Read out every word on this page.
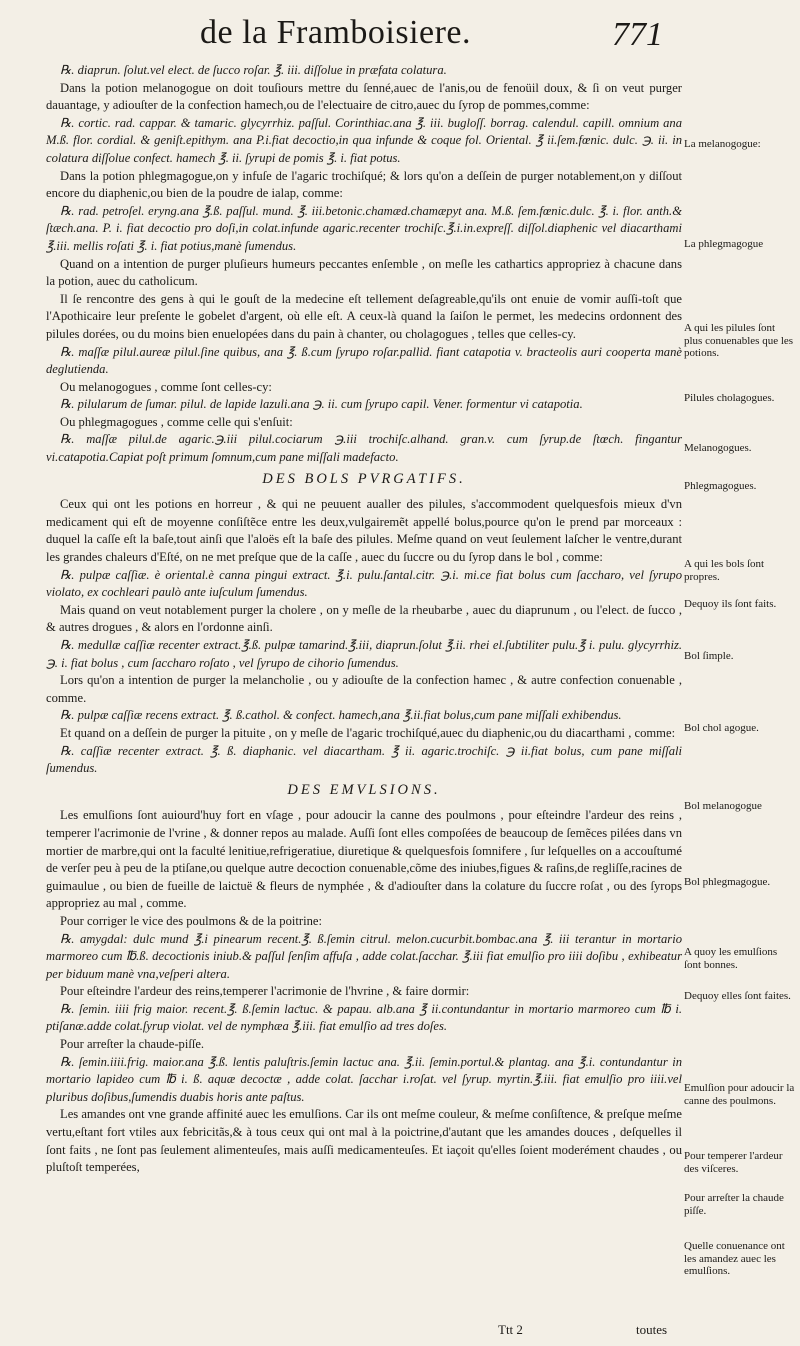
de la Framboisiere.	771

℞. diaprun. ſolut.vel elect. de ſucco roſar. ℥. iii. diſſolue in præfata colatura.

Dans la potion melanogogue on doit touſiours mettre du ſenné,auec de l'anis,ou de fenoüil doux, & ſi on veut purger dauantage, y adiouſter de la confection hamech,ou de l'electuaire de citro,auec du ſyrop de pommes,comme:

℞. cortic. rad. cappar. & tamaric. glycyrrhiz. paſſul. Corinthiac.ana ℥. iii. bugloſſ. borrag. calendul. capill. omnium ana M.ß. flor. cordial. & geniſt.epithym. ana P.i.fiat decoctio,in qua infunde & coque fol. Oriental. ℥ ii.ſem.fœnic. dulc. ℈. ii. in colatura diſſolue confect. hamech ℥. ii. ſyrupi de pomis ℥. i. fiat potus.

Dans la potion phlegmagogue,on y infuſe de l'agaric trochiſqué; & lors qu'on a deſſein de purger notablement,on y diſſout encore du diaphenic,ou bien de la poudre de ialap, comme:

℞. rad. petroſel. eryng.ana ℥.ß. paſſul. mund. ℥. iii.betonic.chamæd.chamæpyt ana. M.ß. ſem.fœnic.dulc. ℥. i. flor. anth.& ſtæch.ana. P. i. fiat decoctio pro doſi,in colat.infunde agaric.recenter trochiſc.℥.i.in.expreſſ. diſſol.diaphenic vel diacarthami ℥.iii. mellis roſati ℥. i. fiat potius,manè ſumendus.

Quand on a intention de purger pluſieurs humeurs peccantes enſemble , on meſle les cathartics appropriez à chacune dans la potion, auec du catholicum.

Il ſe rencontre des gens à qui le gouſt de la medecine eſt tellement deſagreable,qu'ils ont enuie de vomir auſſi-toſt que l'Apothicaire leur preſente le gobelet d'argent, où elle eſt. A ceux-là quand la ſaiſon le permet, les medecins ordonnent des pilules dorées, ou du moins bien enuelopées dans du pain à chanter, ou cholagogues , telles que celles-cy.

℞. maſſæ pilul.aureæ pilul.ſine quibus, ana ℥. ß.cum ſyrupo roſar.pallid. fiant catapotia v. bracteolis auri cooperta manè deglutienda.

Ou melanogogues , comme ſont celles-cy:

℞. pilularum de ſumar. pilul. de lapide lazuli.ana ℈. ii. cum ſyrupo capil. Vener. formentur vi catapotia.

Ou phlegmagogues , comme celle qui s'enſuit:

℞. maſſæ pilul.de agaric.℈.iii pilul.cociarum ℈.iii trochiſc.alhand. gran.v. cum ſyrup.de ſtœch. fingantur vi.catapotia.Capiat poſt primum ſomnum,cum pane miſſali madefacto.

DES BOLS PVRGATIFS.

Ceux qui ont les potions en horreur , & qui ne peuuent aualler des pilules, s'accommodent quelquesfois mieux d'vn medicament qui eſt de moyenne conſiſtẽce entre les deux,vulgairemẽt appellé bolus,pource qu'on le prend par morceaux : duquel la caſſe eſt la baſe,tout ainſi que l'aloës eſt la baſe des pilules. Meſme quand on veut ſeulement laſcher le ventre,durant les grandes chaleurs d'Eſté, on ne met preſque que de la caſſe , auec du ſuccre ou du ſyrop dans le bol , comme:

℞. pulpæ caſſiæ. è oriental.è canna pingui extract. ℥.i. pulu.ſantal.citr. ℈.i. mi.ce fiat bolus cum ſaccharo, vel ſyrupo violato, ex cochleari paulò ante iuſculum ſumendus.

Mais quand on veut notablement purger la cholere , on y meſle de la rheubarbe , auec du diaprunum , ou l'elect. de ſucco , & autres drogues , & alors en l'ordonne ainſi.

℞. medullæ caſſiæ recenter extract.℥.ß. pulpæ tamarind.℥.iii, diaprun.ſolut ℥.ii. rhei el.ſubtiliter pulu.℥ i. pulu. glycyrrhiz. ℈. i. fiat bolus , cum ſaccharo roſato , vel ſyrupo de cihorio ſumendus.

Lors qu'on a intention de purger la melancholie , ou y adiouſte de la confection hamec , & autre confection conuenable , comme.

℞. pulpæ caſſiæ recens extract. ℥. ß.cathol. & confect. hamech,ana ℥.ii.fiat bolus,cum pane miſſali exhibendus.

Et quand on a deſſein de purger la pituite , on y meſle de l'agaric trochiſqué,auec du diaphenic,ou du diacarthami , comme:

℞. caſſiæ recenter extract. ℥. ß. diaphanic. vel diacartham. ℥ ii. agaric.trochiſc. ℈ ii.fiat bolus, cum pane miſſali ſumendus.

DES EMVLSIONS.

Les emulſions ſont auiourd'huy fort en vſage , pour adoucir la canne des poulmons , pour eſteindre l'ardeur des reins , temperer l'acrimonie de l'vrine , & donner repos au malade. Auſſi ſont elles compoſées de beaucoup de ſemẽces pilées dans vn mortier de marbre,qui ont la faculté lenitiue,refrigeratiue, diuretique & quelquesfois ſomnifere , ſur leſquelles on a accouſtumé de verſer peu à peu de la ptiſane,ou quelque autre decoction conuenable,cõme des iniubes,figues & raſins,de regliſſe,racines de guimaulue , ou bien de fueille de laictuë & fleurs de nymphée , & d'adiouſter dans la colature du ſuccre roſat , ou des ſyrops appropriez au mal , comme.

Pour corriger le vice des poulmons & de la poitrine:

℞. amygdal: dulc mund ℥.i pinearum recent.℥. ß.ſemin citrul. melon.cucurbit.bombac.ana ℥. iii terantur in mortario marmoreo cum ℔.ß. decoctionis iniub.& paſſul ſenſim affuſa , adde colat.ſacchar. ℥.iii fiat emulſio pro iiii doſibu , exhibeatur per biduum manè vna,veſperi altera.

Pour eſteindre l'ardeur des reins,temperer l'acrimonie de l'hvrine , & faire dormir:

℞. ſemin. iiii frig maior. recent.℥. ß.ſemin laƈtuc. & papau. alb.ana ℥ ii.contundantur in mortario marmoreo cum ℔ i. ptiſanæ.adde colat.ſyrup violat. vel de nymphæa ℥.iii. fiat emulſio ad tres doſes.

Pour arreſter la chaude-piſſe.

℞. ſemin.iiii.frig. maior.ana ℥.ß. lentis paluſtris.ſemin lactuc ana. ℥.ii. ſemin.portul.& plantag. ana ℥.i. contundantur in mortario lapideo cum ℔ i. ß. aquæ decoctæ , adde colat. ſacchar i.roſat. vel ſyrup. myrtin.℥.iii. fiat emulſio pro iiii.vel pluribus doſibus,ſumendis duabis horis ante paſtus.

Les amandes ont vne grande affinité auec les emulſions. Car ils ont meſme couleur, & meſme conſiſtence, & preſque meſme vertu,eſtant fort vtiles aux febricitãs,& à tous ceux qui ont mal à la poictrine,d'autant que les amandes douces , deſquelles il ſont faits , ne ſont pas ſeulement alimenteuſes, mais auſſi medicamenteuſes. Et iaçoit qu'elles ſoient moderément chaudes , ou pluſtoſt temperées,

La melanogogue:
La phlegmagogue
A qui les pilules ſont plus conuenables que les potions.
Pilules cholagogues.
Melanogogues.
Phlegmagogues.
A qui les bols ſont propres.
Dequoy ils ſont faits.
Bol ſimple.
Bol chol agogue.
Bol melanogogue
Bol phlegmagogue.
A quoy les emulſions ſont bonnes.
Dequoy elles ſont faites.
Emulſion pour adoucir la canne des poulmons.
Pour temperer l'ardeur des viſceres.
Pour arreſter la chaude piſſe.
Quelle conuenance ont les amandez auec les emulſions.
Ttt 2	toutes
